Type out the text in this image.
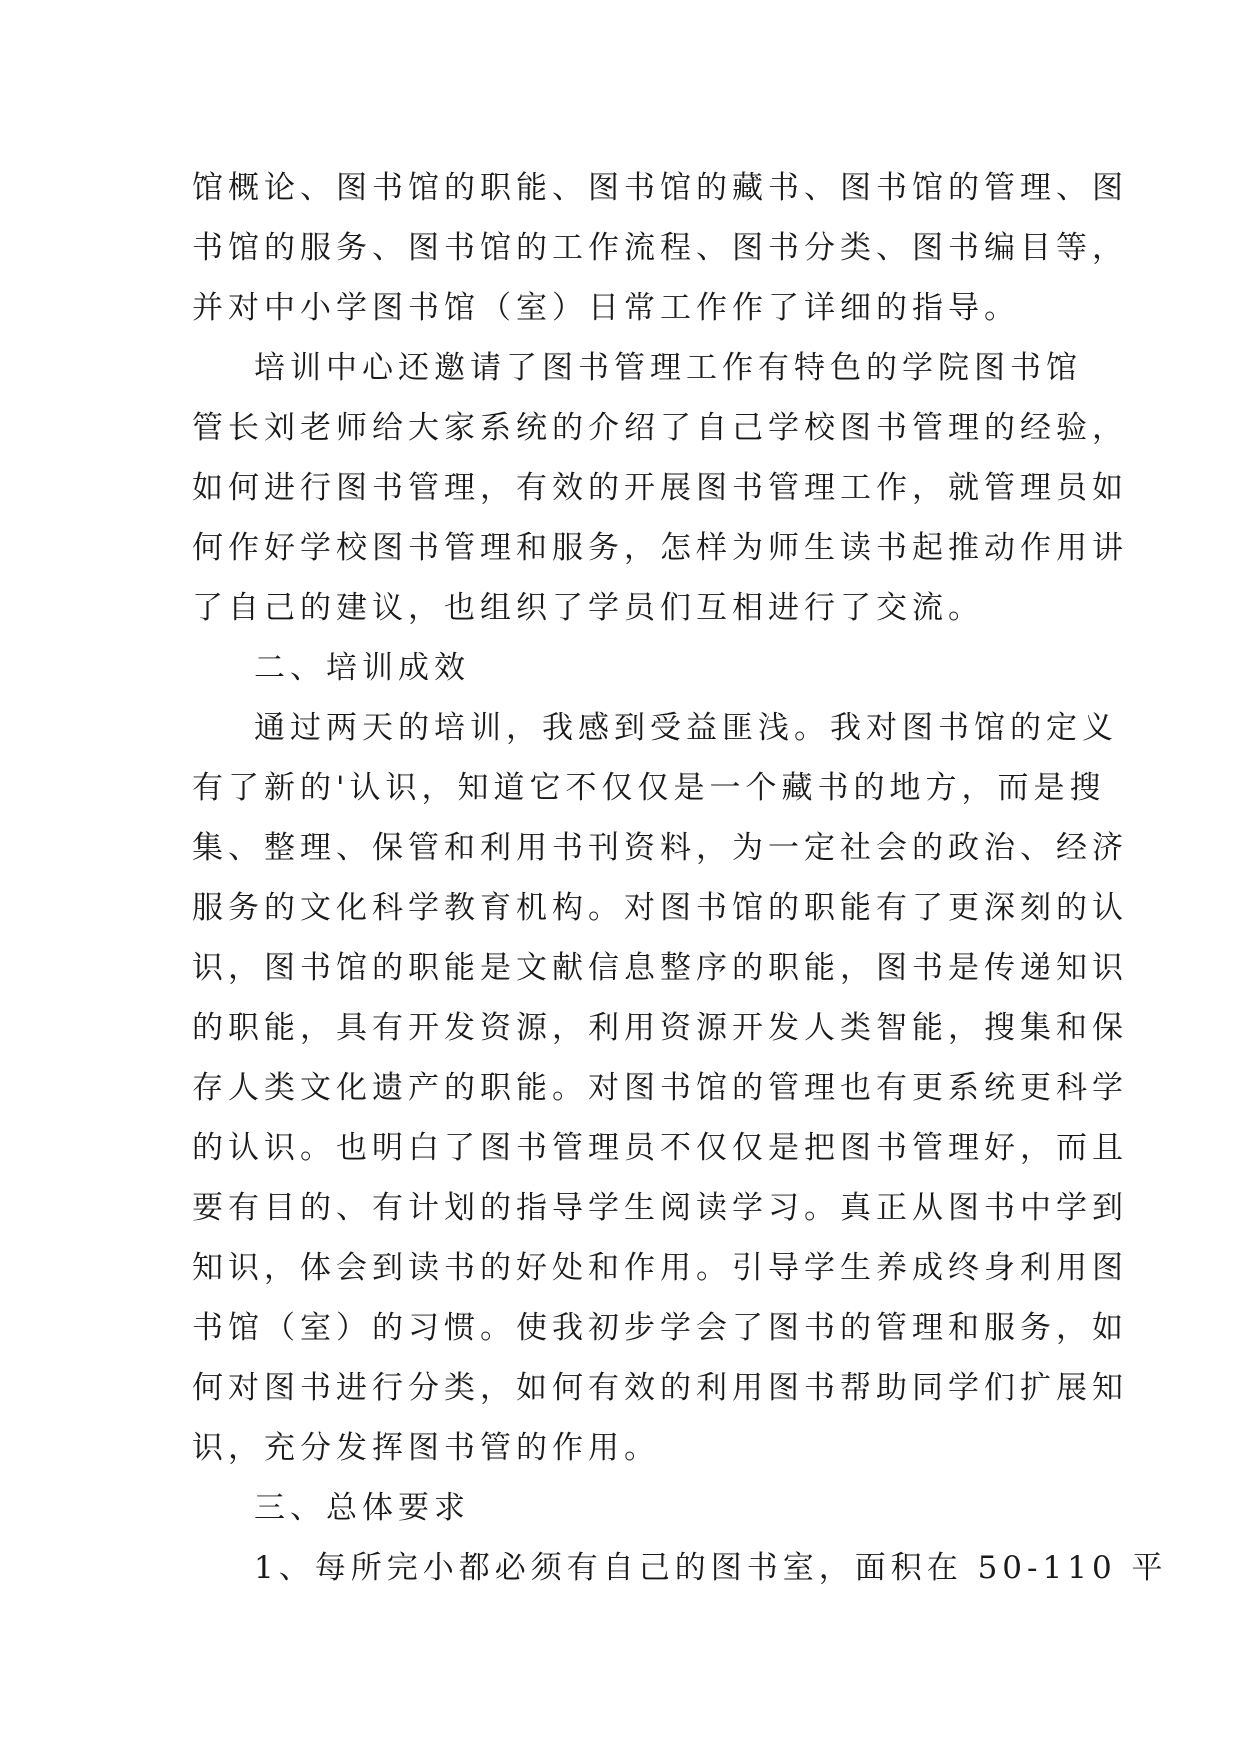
馆概论、图书馆的职能、图书馆的藏书、图书馆的管理、图
书馆的服务、图书馆的工作流程、图书分类、图书编目等，
并对中小学图书馆（室）日常工作作了详细的指导。
培训中心还邀请了图书管理工作有特色的学院图书馆
管长刘老师给大家系统的介绍了自己学校图书管理的经验，
如何进行图书管理，有效的开展图书管理工作，就管理员如
何作好学校图书管理和服务，怎样为师生读书起推动作用讲
了自己的建议，也组织了学员们互相进行了交流。
二、培训成效
通过两天的培训，我感到受益匪浅。我对图书馆的定义
有了新的'认识，知道它不仅仅是一个藏书的地方，而是搜
集、整理、保管和利用书刊资料，为一定社会的政治、经济
服务的文化科学教育机构。对图书馆的职能有了更深刻的认
识，图书馆的职能是文献信息整序的职能，图书是传递知识
的职能，具有开发资源，利用资源开发人类智能，搜集和保
存人类文化遗产的职能。对图书馆的管理也有更系统更科学
的认识。也明白了图书管理员不仅仅是把图书管理好，而且
要有目的、有计划的指导学生阅读学习。真正从图书中学到
知识，体会到读书的好处和作用。引导学生养成终身利用图
书馆（室）的习惯。使我初步学会了图书的管理和服务，如
何对图书进行分类，如何有效的利用图书帮助同学们扩展知
识，充分发挥图书管的作用。
三、总体要求
1、每所完小都必须有自己的图书室，面积在 50-110 平
